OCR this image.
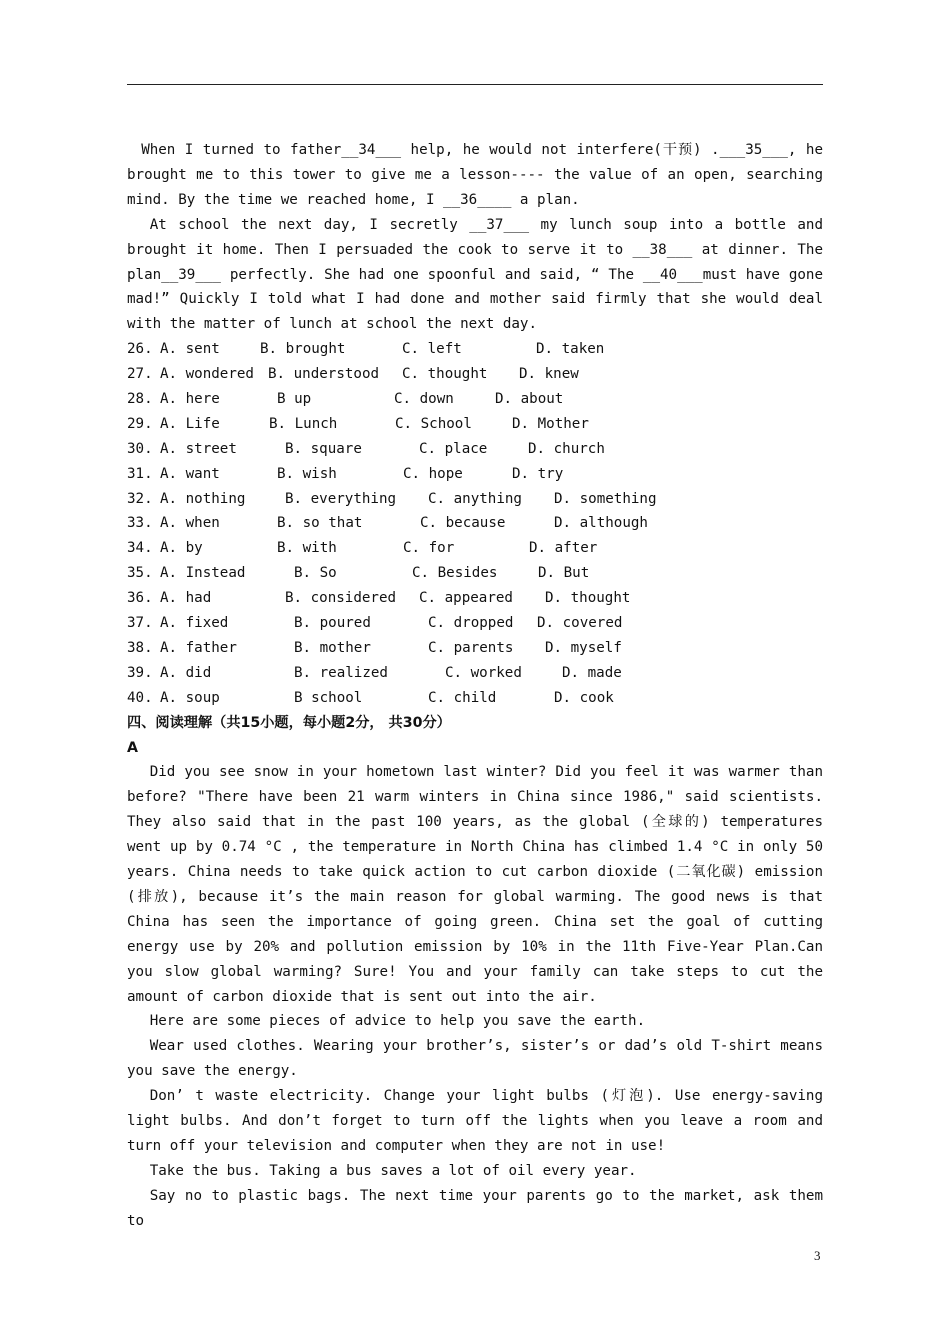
When I turned to father__34___ help, he would not interfere(干预) .___35___, he brought me to this tower to give me a lesson---- the value of an open, searching mind. By the time we reached home, I __36____ a plan.

At school the next day, I secretly __37___ my lunch soup into a bottle and brought it home. Then I persuaded the cook to serve it to __38___ at dinner. The plan__39___ perfectly. She had one spoonful and said, “ The __40___must have gone mad!” Quickly I told what I had done and mother said firmly that she would deal with the matter of lunch at school the next day.

26. A. sent	B. brought	C. left	D. taken
27. A. wondered B. understood	C. thought	D. knew
28. A. here	B up	C. down	D. about
29. A. Life	B. Lunch	C. School	D. Mother
30. A. street	B. square	C. place	D. church
31. A. want	B. wish	C. hope	D. try
32. A. nothing	B. everything	C. anything	D. something
33. A. when	B. so that	C. because	D. although
34. A. by	B. with	C. for	D. after
35. A. Instead	B. So	C. Besides	D. But
36. A. had	B. considered	C. appeared	D. thought
37. A. fixed	B. poured	C. dropped	D. covered
38. A. father	B. mother	C. parents	D. myself
39. A. did	B. realized	C. worked	D. made
40. A. soup	B school	C. child	D. cook

四、阅读理解（共15小题，每小题2分， 共30分）

A

Did you see snow in your hometown last winter? Did you feel it was warmer than before? "There have been 21 warm winters in China since 1986," said scientists. They also said that in the past 100 years, as the global (全球的) temperatures went up by 0.74 °C , the temperature in North China has climbed 1.4 °C in only 50 years. China needs to take quick action to cut carbon dioxide (二氧化碳) emission (排放), because it’s the main reason for global warming. The good news is that China has seen the importance of going green. China set the goal of cutting energy use by 20% and pollution emission by 10% in the 11th Five-Year Plan.Can you slow global warming? Sure! You and your family can take steps to cut the amount of carbon dioxide that is sent out into the air.

Here are some pieces of advice to help you save the earth.

Wear used clothes. Wearing your brother’s, sister’s or dad’s old T-shirt means you save the energy.

Don’ t waste electricity. Change your light bulbs (灯泡). Use energy-saving light bulbs. And don’t forget to turn off the lights when you leave a room and turn off your television and computer when they are not in use!

Take the bus. Taking a bus saves a lot of oil every year.

Say no to plastic bags. The next time your parents go to the market, ask them to

3
